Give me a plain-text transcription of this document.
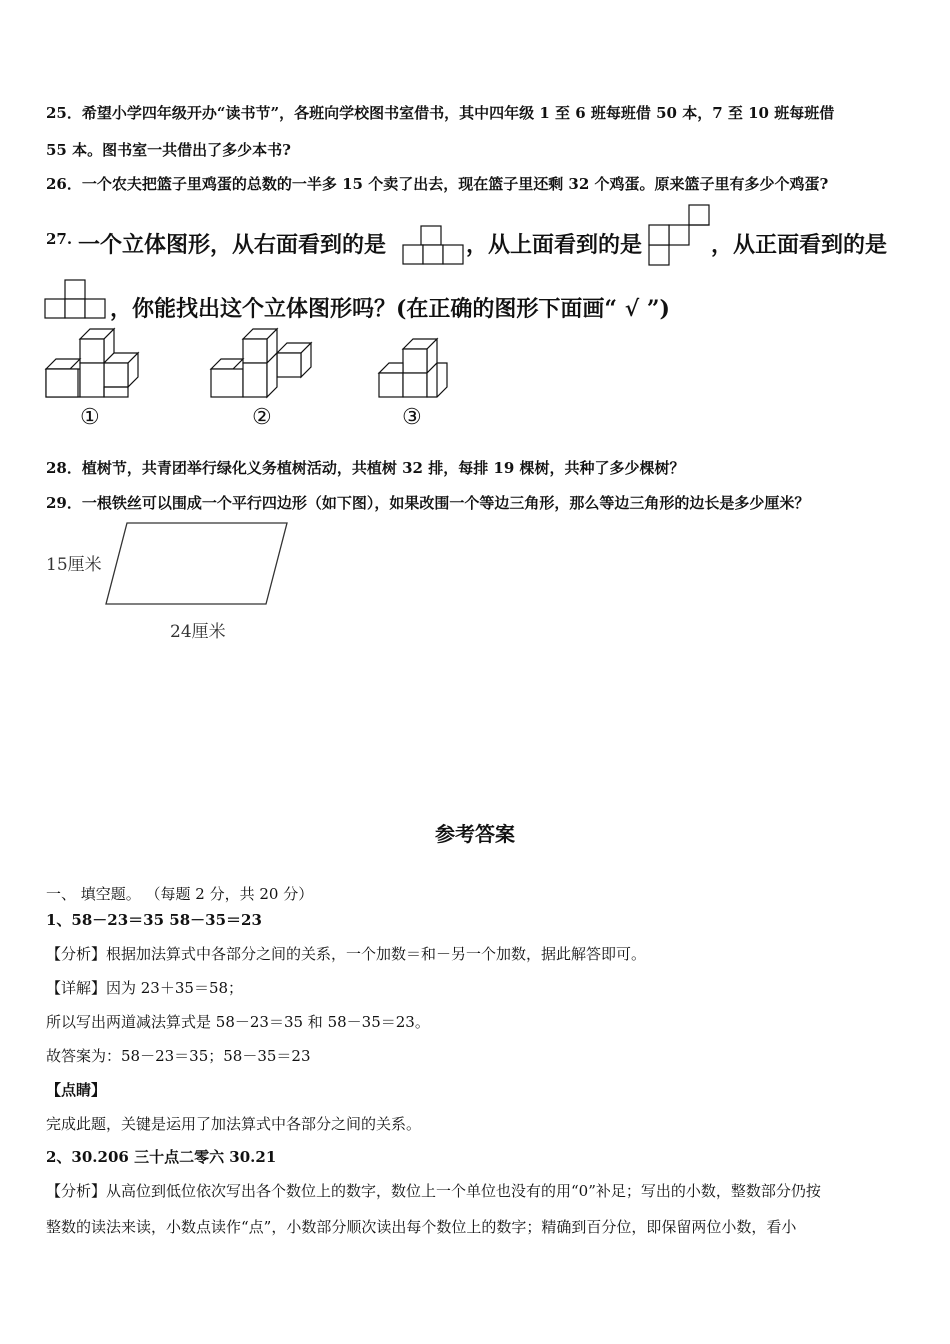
25．希望小学四年级开办“读书节”，各班向学校图书室借书，其中四年级 1 至 6 班每班借 50 本，7 至 10 班每班借
55 本。图书室一共借出了多少本书?
26．一个农夫把篮子里鸡蛋的总数的一半多 15 个卖了出去，现在篮子里还剩 32 个鸡蛋。原来篮子里有多少个鸡蛋?
27. 一个立体图形，从右面看到的是	，从上面看到的是	，从正面看到的是
，你能找出这个立体图形吗？(在正确的图形下面画“ √ ”)
①	②	③
28．植树节，共青团举行绿化义务植树活动，共植树 32 排，每排 19 棵树，共种了多少棵树？
29．一根铁丝可以围成一个平行四边形（如下图），如果改围一个等边三角形，那么等边三角形的边长是多少厘米？
15厘米
24厘米
参考答案
一、 填空题。 （每题 2 分，共 20 分）
1、58－23＝35 58－35＝23
【分析】根据加法算式中各部分之间的关系，一个加数＝和－另一个加数，据此解答即可。
【详解】因为 23＋35＝58；
所以写出两道减法算式是 58－23＝35 和 58－35＝23。
故答案为：58－23＝35；58－35＝23
【点睛】
完成此题，关键是运用了加法算式中各部分之间的关系。
2、30.206 三十点二零六 30.21
【分析】从高位到低位依次写出各个数位上的数字，数位上一个单位也没有的用“0”补足；写出的小数，整数部分仍按
整数的读法来读，小数点读作“点”，小数部分顺次读出每个数位上的数字；精确到百分位，即保留两位小数，看小
